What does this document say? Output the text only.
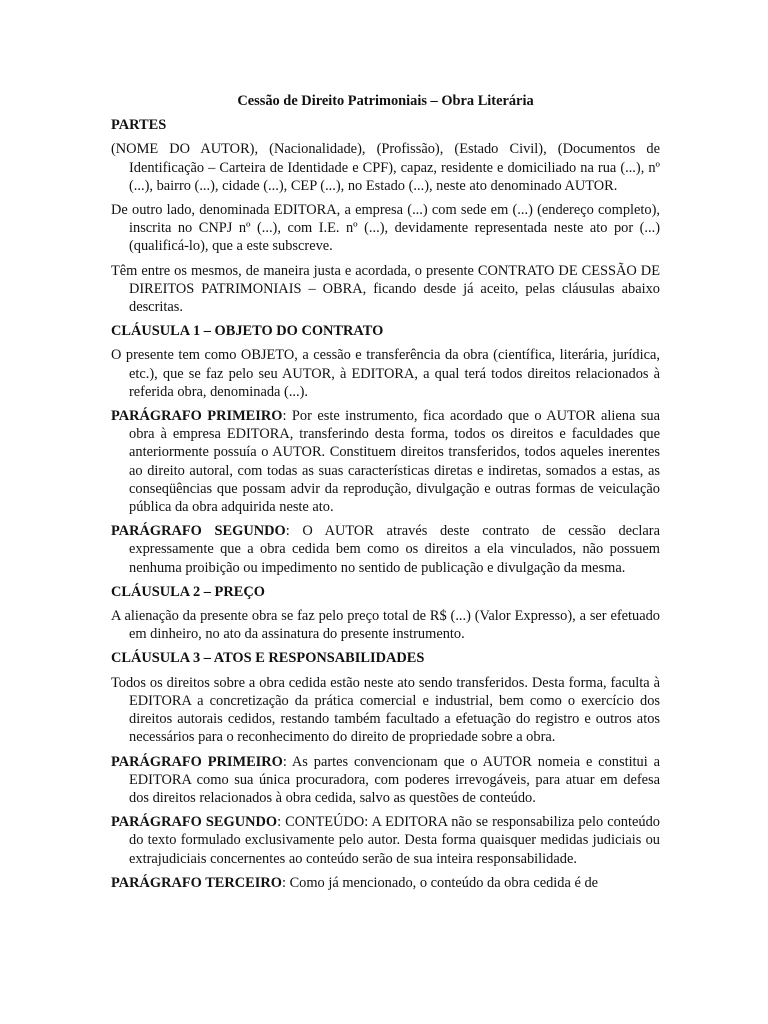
Cessão de Direito Patrimoniais – Obra Literária
PARTES

(NOME DO AUTOR), (Nacionalidade), (Profissão), (Estado Civil), (Documentos de Identificação – Carteira de Identidade e CPF), capaz, residente e domiciliado na rua (...), nº (...), bairro (...), cidade (...), CEP (...), no Estado (...), neste ato denominado AUTOR.

De outro lado, denominada EDITORA, a empresa (...) com sede em (...) (endereço completo), inscrita no CNPJ nº (...), com I.E. nº (...), devidamente representada neste ato por (...) (qualificá-lo), que a este subscreve.

Têm entre os mesmos, de maneira justa e acordada, o presente CONTRATO DE CESSÃO DE DIREITOS PATRIMONIAIS – OBRA, ficando desde já aceito, pelas cláusulas abaixo descritas.

CLÁUSULA 1 – OBJETO DO CONTRATO

O presente tem como OBJETO, a cessão e transferência da obra (científica, literária, jurídica, etc.), que se faz pelo seu AUTOR, à EDITORA, a qual terá todos direitos relacionados à referida obra, denominada (...).

PARÁGRAFO PRIMEIRO: Por este instrumento, fica acordado que o AUTOR aliena sua obra à empresa EDITORA, transferindo desta forma, todos os direitos e faculdades que anteriormente possuía o AUTOR. Constituem direitos transferidos, todos aqueles inerentes ao direito autoral, com todas as suas características diretas e indiretas, somados a estas, as conseqüências que possam advir da reprodução, divulgação e outras formas de veiculação pública da obra adquirida neste ato.

PARÁGRAFO SEGUNDO: O AUTOR através deste contrato de cessão declara expressamente que a obra cedida bem como os direitos a ela vinculados, não possuem nenhuma proibição ou impedimento no sentido de publicação e divulgação da mesma.

CLÁUSULA 2 – PREÇO

A alienação da presente obra se faz pelo preço total de R$ (...) (Valor Expresso), a ser efetuado em dinheiro, no ato da assinatura do presente instrumento.

CLÁUSULA 3 – ATOS E RESPONSABILIDADES

Todos os direitos sobre a obra cedida estão neste ato sendo transferidos. Desta forma, faculta à EDITORA a concretização da prática comercial e industrial, bem como o exercício dos direitos autorais cedidos, restando também facultado a efetuação do registro e outros atos necessários para o reconhecimento do direito de propriedade sobre a obra.

PARÁGRAFO PRIMEIRO: As partes convencionam que o AUTOR nomeia e constitui a EDITORA como sua única procuradora, com poderes irrevogáveis, para atuar em defesa dos direitos relacionados à obra cedida, salvo as questões de conteúdo.

PARÁGRAFO SEGUNDO: CONTEÚDO: A EDITORA não se responsabiliza pelo conteúdo do texto formulado exclusivamente pelo autor. Desta forma quaisquer medidas judiciais ou extrajudiciais concernentes ao conteúdo serão de sua inteira responsabilidade.

PARÁGRAFO TERCEIRO: Como já mencionado, o conteúdo da obra cedida é de
